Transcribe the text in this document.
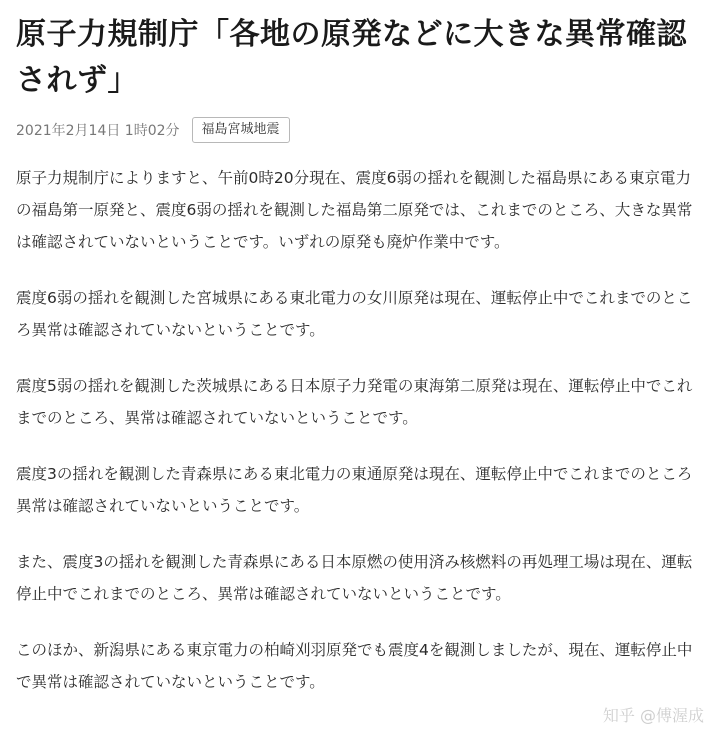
原子力規制庁「各地の原発などに大きな異常確認されず」
2021年2月14日 1時02分	福島宮城地震

原子力規制庁によりますと、午前0時20分現在、震度6弱の揺れを観測した福島県にある東京電力の福島第一原発と、震度6弱の揺れを観測した福島第二原発では、これまでのところ、大きな異常は確認されていないということです。いずれの原発も廃炉作業中です。

震度6弱の揺れを観測した宮城県にある東北電力の女川原発は現在、運転停止中でこれまでのところ異常は確認されていないということです。

震度5弱の揺れを観測した茨城県にある日本原子力発電の東海第二原発は現在、運転停止中でこれまでのところ、異常は確認されていないということです。

震度3の揺れを観測した青森県にある東北電力の東通原発は現在、運転停止中でこれまでのところ異常は確認されていないということです。

また、震度3の揺れを観測した青森県にある日本原燃の使用済み核燃料の再処理工場は現在、運転停止中でこれまでのところ、異常は確認されていないということです。

このほか、新潟県にある東京電力の柏崎刈羽原発でも震度4を観測しましたが、現在、運転停止中で異常は確認されていないということです。

知乎 @傅渥成
